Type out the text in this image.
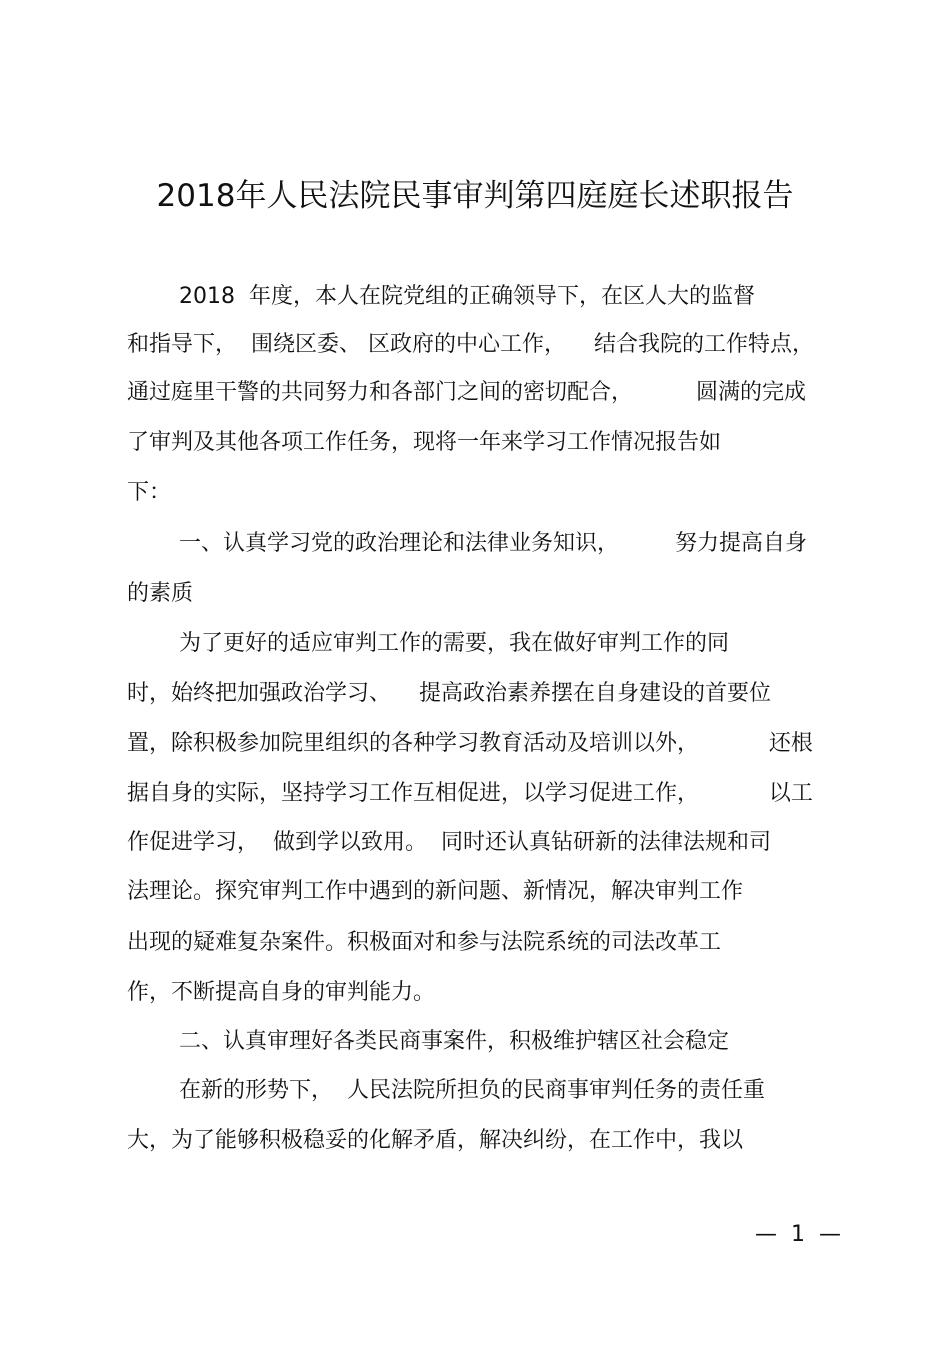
2018年人民法院民事审判第四庭庭长述职报告

2018  年度，本人在院党组的正确领导下，在区人大的监督

和指导下，  围绕区委、 区政府的中心工作，    结合我院的工作特点，

通过庭里干警的共同努力和各部门之间的密切配合，         圆满的完成

了审判及其他各项工作任务，现将一年来学习工作情况报告如

下：

一、认真学习党的政治理论和法律业务知识，        努力提高自身

的素质

为了更好的适应审判工作的需要，我在做好审判工作的同

时，始终把加强政治学习、    提高政治素养摆在自身建设的首要位

置，除积极参加院里组织的各种学习教育活动及培训以外，          还根

据自身的实际，坚持学习工作互相促进，以学习促进工作，          以工

作促进学习，  做到学以致用。  同时还认真钻研新的法律法规和司

法理论。探究审判工作中遇到的新问题、新情况，解决审判工作

出现的疑难复杂案件。积极面对和参与法院系统的司法改革工

作，不断提高自身的审判能力。

二、认真审理好各类民商事案件，积极维护辖区社会稳定

在新的形势下，  人民法院所担负的民商事审判任务的责任重

大，为了能够积极稳妥的化解矛盾，解决纠纷，在工作中，我以

—  1  —
